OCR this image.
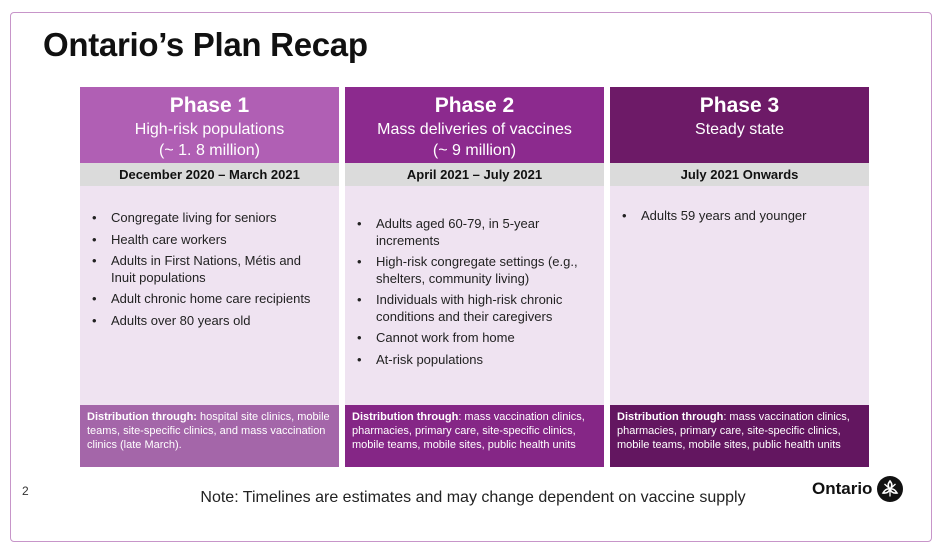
Ontario’s Plan Recap
Phase 1
High-risk populations
(~ 1. 8 million)
December 2020 – March 2021
• Congregate living for seniors
• Health care workers
• Adults in First Nations, Métis and Inuit populations
• Adult chronic home care recipients
• Adults over 80 years old
Distribution through: hospital site clinics, mobile teams, site-specific clinics, and mass vaccination clinics (late March).
Phase 2
Mass deliveries of vaccines
(~ 9 million)
April 2021 – July 2021
• Adults aged 60-79, in 5-year increments
• High-risk congregate settings (e.g., shelters, community living)
• Individuals with high-risk chronic conditions and their caregivers
• Cannot work from home
• At-risk populations
Distribution through: mass vaccination clinics, pharmacies, primary care, site-specific clinics, mobile teams, mobile sites, public health units
Phase 3
Steady state
July 2021 Onwards
• Adults 59 years and younger
Distribution through: mass vaccination clinics, pharmacies, primary care, site-specific clinics, mobile teams, mobile sites, public health units
2	Note: Timelines are estimates and may change dependent on vaccine supply	Ontario
